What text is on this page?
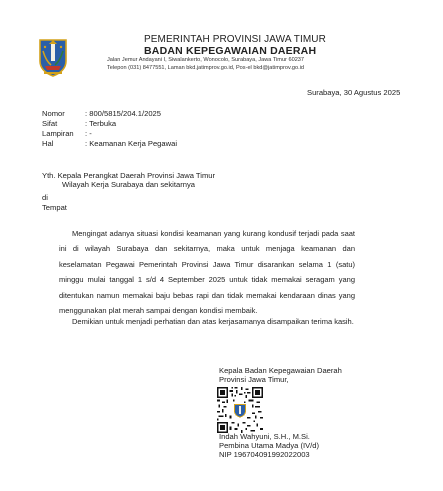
PEMERINTAH PROVINSI JAWA TIMUR
BADAN KEPEGAWAIAN DAERAH
Jalan Jemur Andayani I, Siwalankerto, Wonocolo, Surabaya, Jawa Timur 60237
Telepon (031) 8477551, Laman bkd.jatimprov.go.id, Pos-el bkd@jatimprov.go.id
Surabaya, 30 Agustus 2025
Nomor	: 800/5815/204.1/2025
Sifat	: Terbuka
Lampiran : -
Hal	: Keamanan Kerja Pegawai
Yth. Kepala Perangkat Daerah Provinsi Jawa Timur
Wilayah Kerja Surabaya dan sekitarnya
di
Tempat
Mengingat adanya situasi kondisi keamanan yang kurang kondusif terjadi pada saat ini di wilayah Surabaya dan sekitarnya, maka untuk menjaga keamanan dan keselamatan Pegawai Pemerintah Provinsi Jawa Timur disarankan selama 1 (satu) minggu mulai tanggal 1 s/d 4 September 2025 untuk tidak memakai seragam yang ditentukan namun memakai baju bebas rapi dan tidak memakai kendaraan dinas yang menggunakan plat merah sampai dengan kondisi membaik.
Demikian untuk menjadi perhatian dan atas kerjasamanya disampaikan terima kasih.
Kepala Badan Kepegawaian Daerah
Provinsi Jawa Timur,
Indah Wahyuni, S.H., M.Si.
Pembina Utama Madya (IV/d)
NIP 196704091992022003
